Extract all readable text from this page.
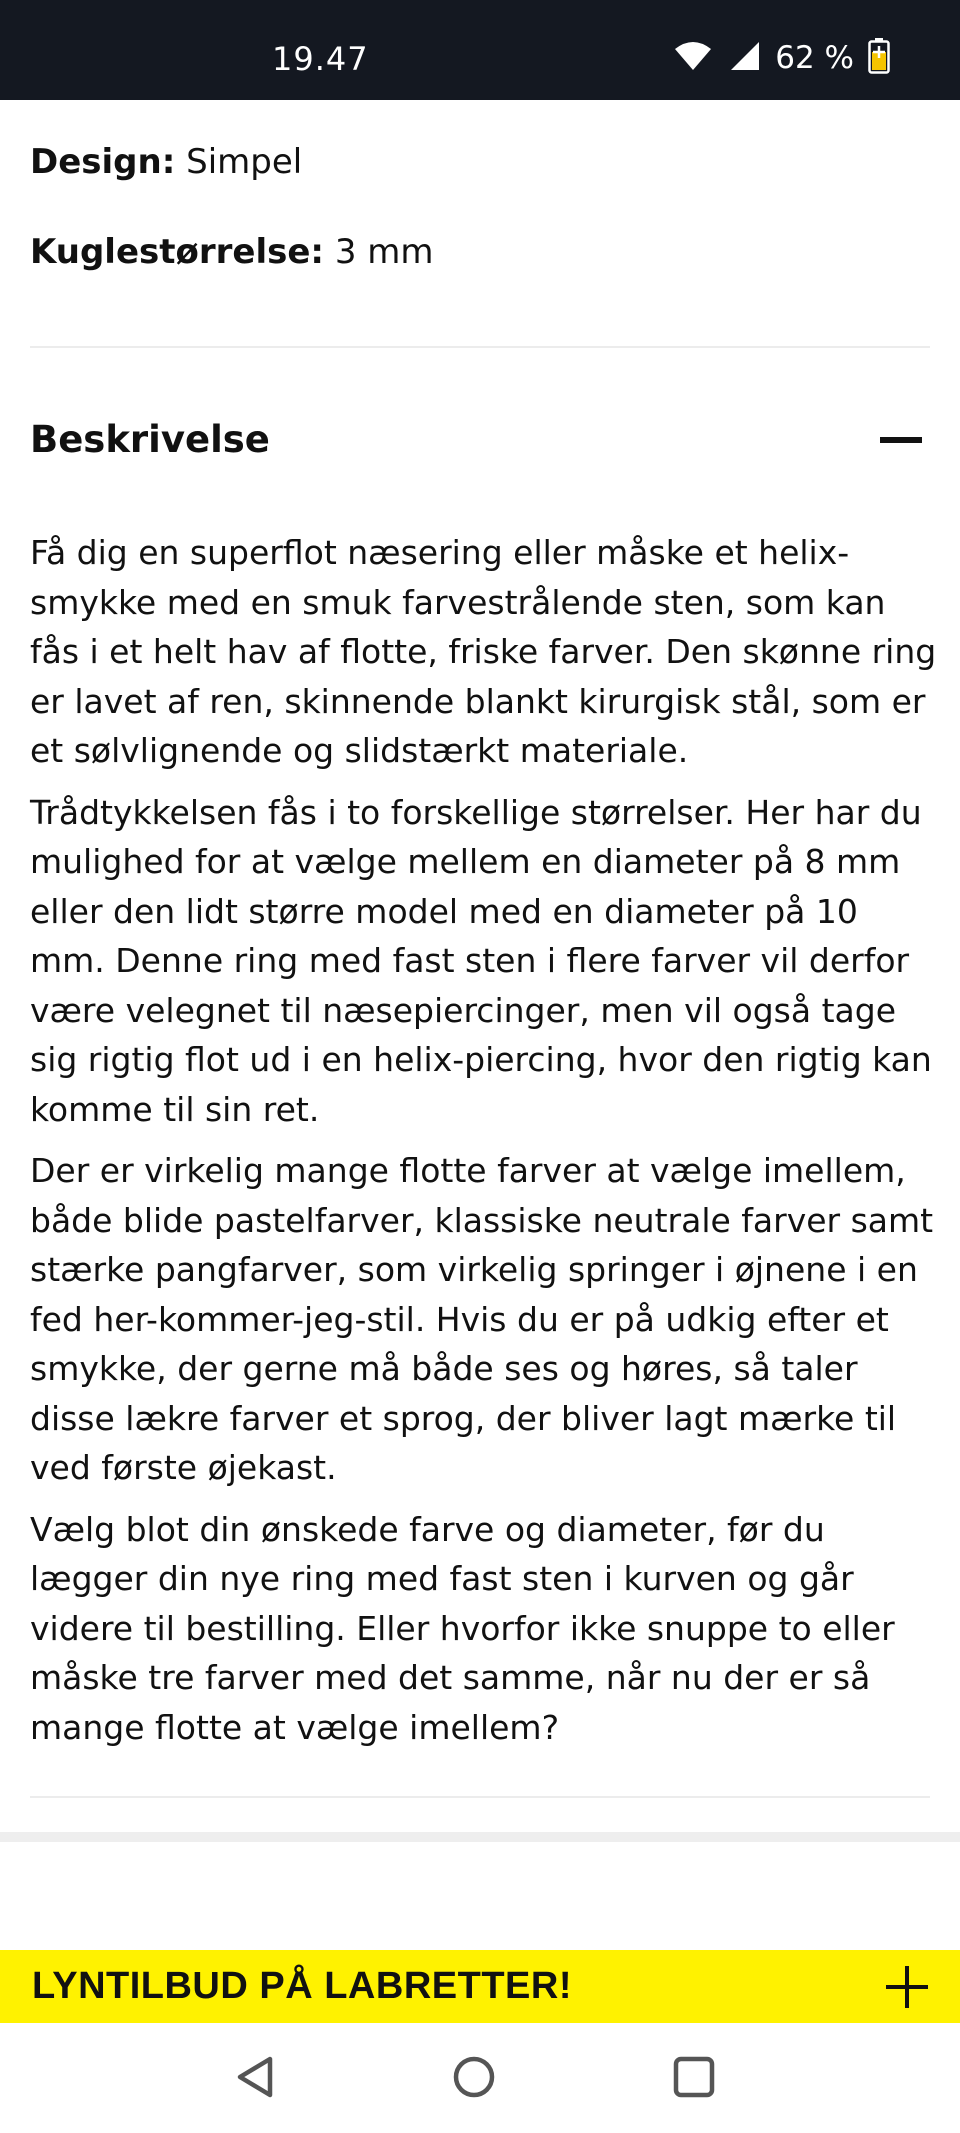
19.47	62 %
Design: Simpel
Kuglestørrelse: 3 mm
Beskrivelse

Få dig en superflot næsering eller måske et helix-smykke med en smuk farvestrålende sten, som kan fås i et helt hav af flotte, friske farver. Den skønne ring er lavet af ren, skinnende blankt kirurgisk stål, som er et sølvlignende og slidstærkt materiale.

Trådtykkelsen fås i to forskellige størrelser. Her har du mulighed for at vælge mellem en diameter på 8 mm eller den lidt større model med en diameter på 10 mm. Denne ring med fast sten i flere farver vil derfor være velegnet til næsepiercinger, men vil også tage sig rigtig flot ud i en helix-piercing, hvor den rigtig kan komme til sin ret.

Der er virkelig mange flotte farver at vælge imellem, både blide pastelfarver, klassiske neutrale farver samt stærke pangfarver, som virkelig springer i øjnene i en fed her-kommer-jeg-stil. Hvis du er på udkig efter et smykke, der gerne må både ses og høres, så taler disse lækre farver et sprog, der bliver lagt mærke til ved første øjekast.

Vælg blot din ønskede farve og diameter, før du lægger din nye ring med fast sten i kurven og går videre til bestilling. Eller hvorfor ikke snuppe to eller måske tre farver med det samme, når nu der er så mange flotte at vælge imellem?

LYNTILBUD PÅ LABRETTER!
